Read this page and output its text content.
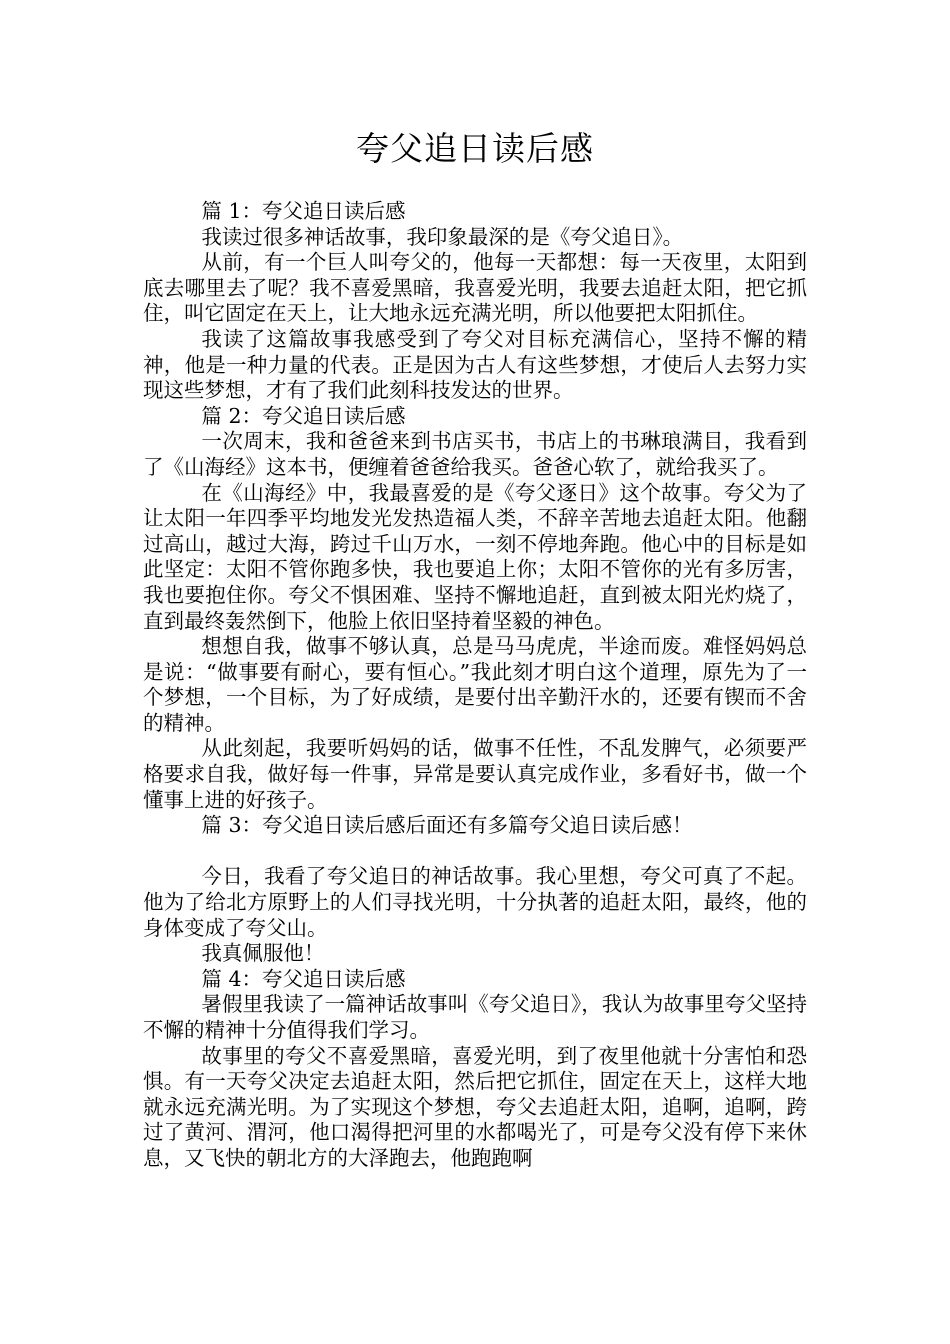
夸父追日读后感

篇 1：夸父追日读后感

我读过很多神话故事，我印象最深的是《夸父追日》。

从前，有一个巨人叫夸父的，他每一天都想：每一天夜里，太阳到底去哪里去了呢？我不喜爱黑暗，我喜爱光明，我要去追赶太阳，把它抓住，叫它固定在天上，让大地永远充满光明，所以他要把太阳抓住。

我读了这篇故事我感受到了夸父对目标充满信心，坚持不懈的精神，他是一种力量的代表。正是因为古人有这些梦想，才使后人去努力实现这些梦想，才有了我们此刻科技发达的世界。

篇 2：夸父追日读后感

一次周末，我和爸爸来到书店买书，书店上的书琳琅满目，我看到了《山海经》这本书，便缠着爸爸给我买。爸爸心软了，就给我买了。

在《山海经》中，我最喜爱的是《夸父逐日》这个故事。夸父为了让太阳一年四季平均地发光发热造福人类，不辞辛苦地去追赶太阳。他翻过高山，越过大海，跨过千山万水，一刻不停地奔跑。他心中的目标是如此坚定：太阳不管你跑多快，我也要追上你；太阳不管你的光有多厉害，我也要抱住你。夸父不惧困难、坚持不懈地追赶，直到被太阳光灼烧了，直到最终轰然倒下，他脸上依旧坚持着坚毅的神色。

想想自我，做事不够认真，总是马马虎虎，半途而废。难怪妈妈总是说：“做事要有耐心，要有恒心。”我此刻才明白这个道理，原先为了一个梦想，一个目标，为了好成绩，是要付出辛勤汗水的，还要有锲而不舍的精神。

从此刻起，我要听妈妈的话，做事不任性，不乱发脾气，必须要严格要求自我，做好每一件事，异常是要认真完成作业，多看好书，做一个懂事上进的好孩子。

篇 3：夸父追日读后感后面还有多篇夸父追日读后感！

今日，我看了夸父追日的神话故事。我心里想，夸父可真了不起。他为了给北方原野上的人们寻找光明，十分执著的追赶太阳，最终，他的身体变成了夸父山。

我真佩服他！

篇 4：夸父追日读后感

暑假里我读了一篇神话故事叫《夸父追日》，我认为故事里夸父坚持不懈的精神十分值得我们学习。

故事里的夸父不喜爱黑暗，喜爱光明，到了夜里他就十分害怕和恐惧。有一天夸父决定去追赶太阳，然后把它抓住，固定在天上，这样大地就永远充满光明。为了实现这个梦想，夸父去追赶太阳，追啊，追啊，跨过了黄河、渭河，他口渴得把河里的水都喝光了，可是夸父没有停下来休息，又飞快的朝北方的大泽跑去，他跑跑啊
